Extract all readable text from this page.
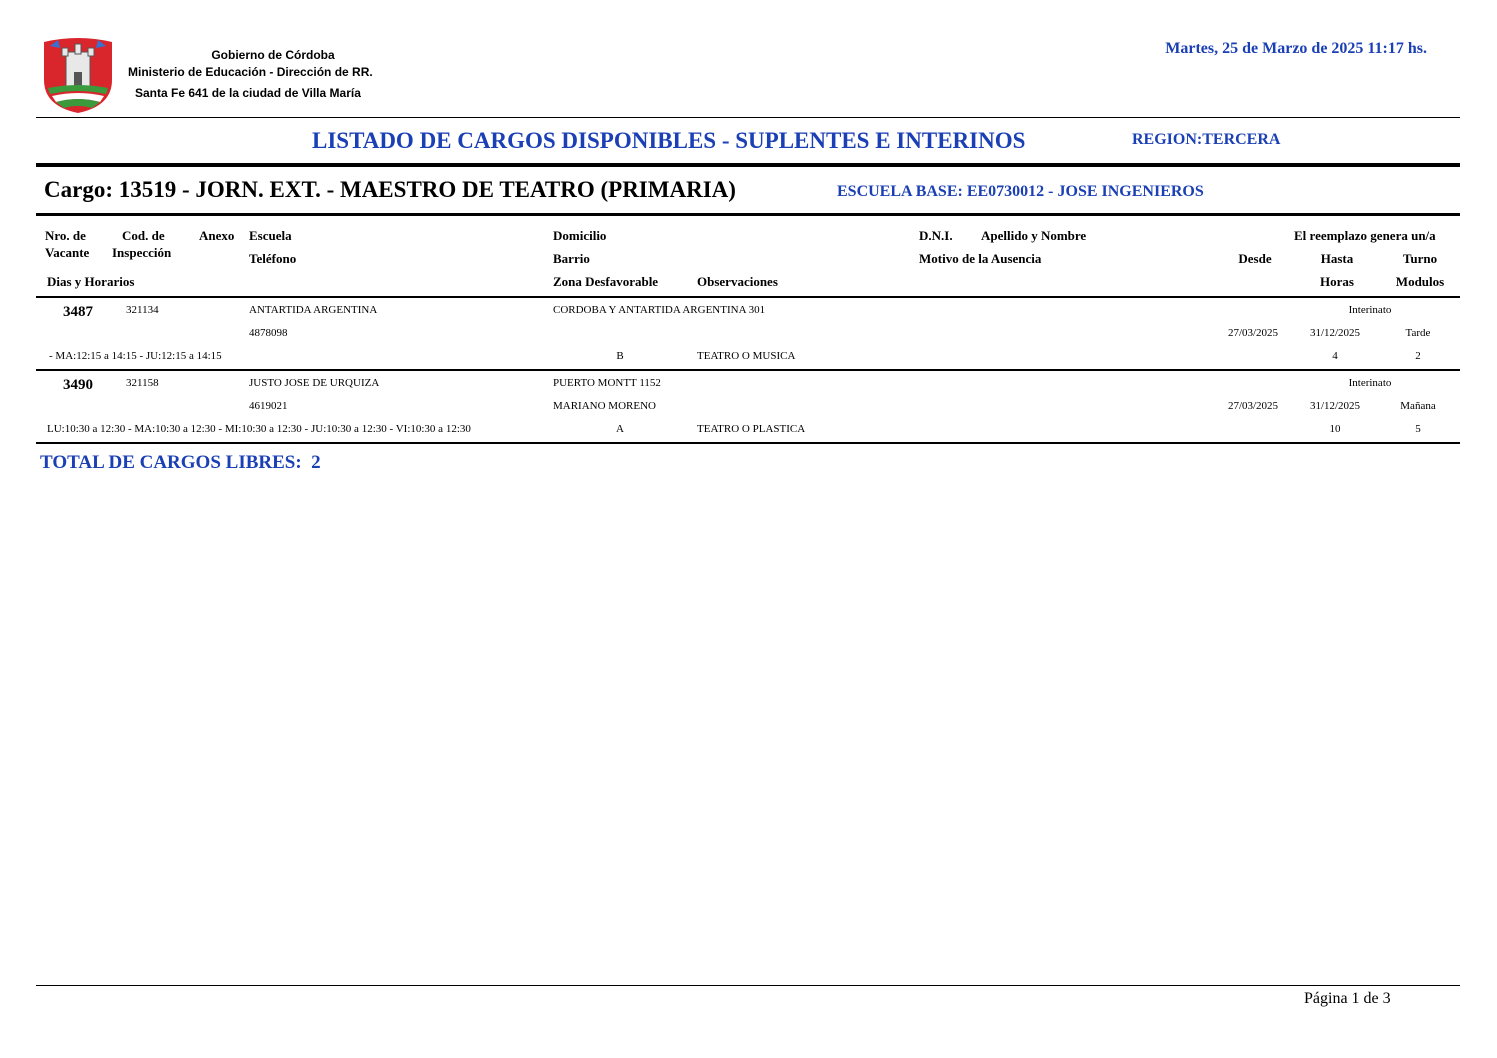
Gobierno de Córdoba
Ministerio de Educación - Dirección de RR.
Santa Fe 641 de la ciudad de Villa María
Martes, 25 de Marzo de 2025 11:17 hs.
LISTADO DE CARGOS DISPONIBLES - SUPLENTES E INTERINOS	REGION:TERCERA
Cargo: 13519 - JORN. EXT. - MAESTRO DE TEATRO (PRIMARIA)	ESCUELA BASE: EE0730012 - JOSE INGENIEROS
Nro. de
Vacante
Cod. de
Inspección
Anexo Escuela
Teléfono
Domicilio
Barrio
Zona Desfavorable	Observaciones
D.N.I. Apellido y Nombre
Motivo de la Ausencia
El reemplazo genera un/a
Desde	Hasta	Turno
Dias y Horarios	Horas	Modulos
3487	321134	ANTARTIDA ARGENTINA	CORDOBA Y ANTARTIDA ARGENTINA 301	Interinato
4878098	27/03/2025	31/12/2025	Tarde
- MA:12:15 a 14:15 - JU:12:15 a 14:15	B	TEATRO O MUSICA	4	2
3490	321158	JUSTO JOSE DE URQUIZA	PUERTO MONTT 1152	Interinato
4619021	MARIANO MORENO	27/03/2025	31/12/2025	Mañana
LU:10:30 a 12:30 - MA:10:30 a 12:30 - MI:10:30 a 12:30 - JU:10:30 a 12:30 - VI:10:30 a 12:30	A	TEATRO O PLASTICA	10	5
TOTAL DE CARGOS LIBRES:  2
Página 1 de 3
